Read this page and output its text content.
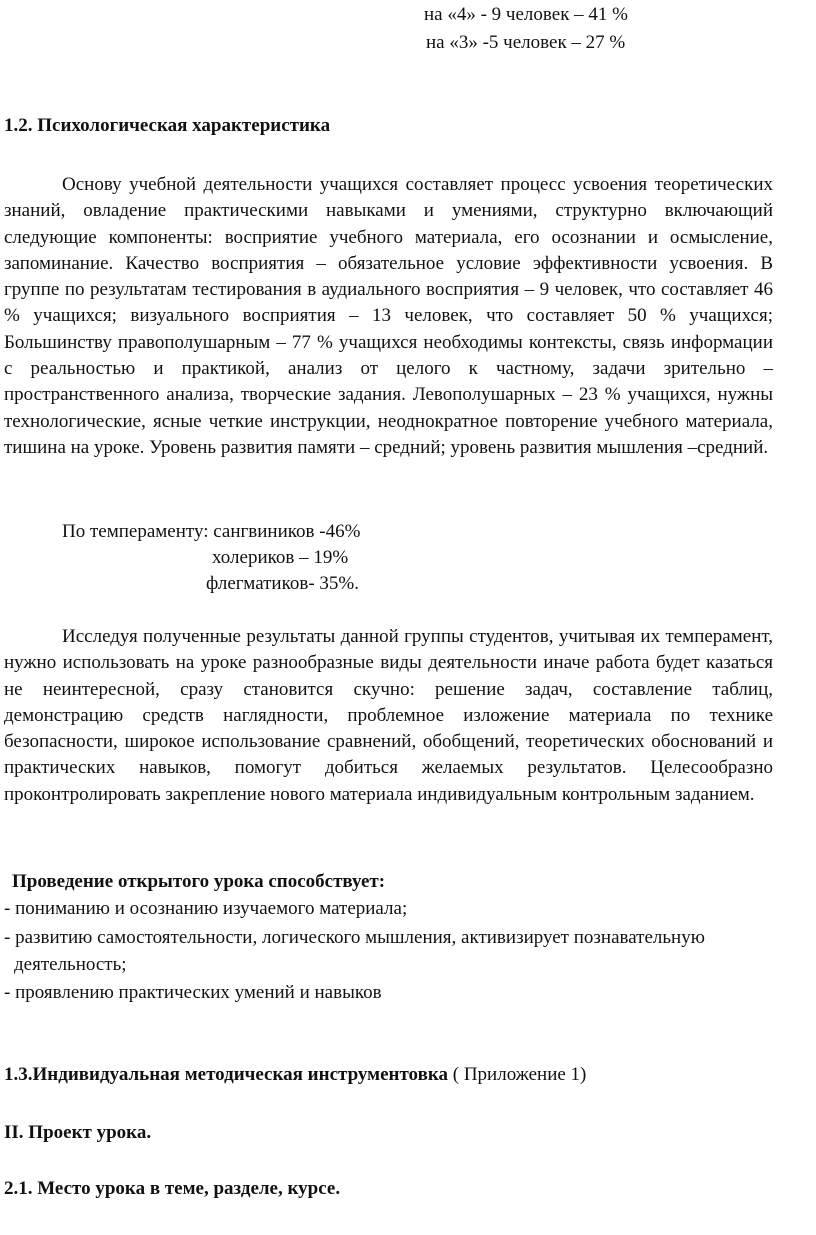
на «4» - 9 человек – 41 %
на «3» -5 человек – 27 %
1.2. Психологическая характеристика

Основу учебной деятельности учащихся составляет процесс усвоения теоретических знаний, овладение практическими навыками и умениями, структурно включающий следующие компоненты: восприятие учебного материала, его осознании и осмысление, запоминание. Качество восприятия – обязательное условие эффективности усвоения. В группе по результатам тестирования в аудиального восприятия – 9 человек, что составляет 46 % учащихся; визуального восприятия – 13 человек, что составляет 50 % учащихся; Большинству правополушарным – 77 % учащихся необходимы контексты, связь информации с реальностью и практикой, анализ от целого к частному, задачи зрительно – пространственного анализа, творческие задания. Левополушарных – 23 % учащихся, нужны технологические, ясные четкие инструкции, неоднократное повторение учебного материала, тишина на уроке. Уровень развития памяти – средний; уровень развития мышления –средний.

По темпераменту: сангвиников -46%
холериков – 19%
флегматиков- 35%.

Исследуя полученные результаты данной группы студентов, учитывая их темперамент, нужно использовать на уроке разнообразные виды деятельности иначе работа будет казаться не неинтересной, сразу становится скучно: решение задач, составление таблиц, демонстрацию средств наглядности, проблемное изложение материала по технике безопасности, широкое использование сравнений, обобщений, теоретических обоснований и практических навыков, помогут добиться желаемых результатов. Целесообразно проконтролировать закрепление нового материала индивидуальным контрольным заданием.

Проведение открытого урока способствует:
- пониманию и осознанию изучаемого материала;
- развитию самостоятельности, логического мышления, активизирует познавательную
деятельность;
- проявлению практических умений и навыков
1.3.Индивидуальная методическая инструментовка ( Приложение 1)
II. Проект урока.
2.1. Место урока в теме, разделе, курсе.
